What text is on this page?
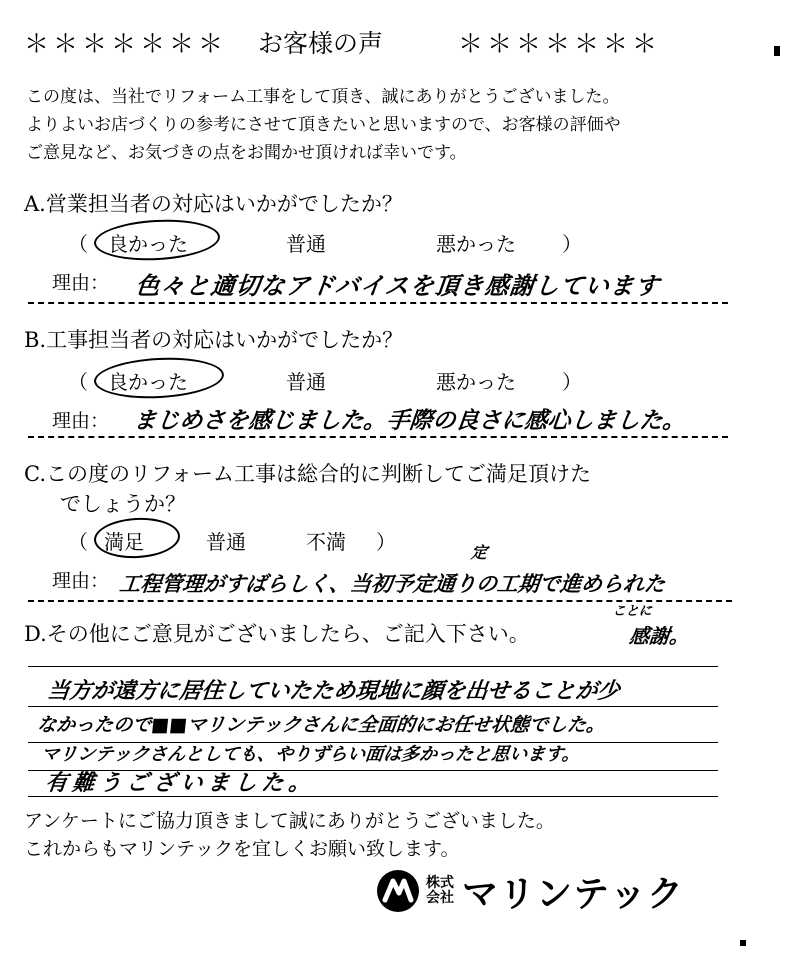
＊＊＊＊＊＊＊ お客様の声	＊＊＊＊＊＊＊
この度は、当社でリフォーム工事をして頂き、誠にありがとうございました。
よりよいお店づくりの参考にさせて頂きたいと思いますので、お客様の評価や
ご意見など、お気づきの点をお聞かせ頂ければ幸いです。
A.営業担当者の対応はいかがでしたか？
（ 良かった	普通	悪かった ）
理由： 色々と適切なアドバイスを頂き感謝しています
B.工事担当者の対応はいかがでしたか？
（ 良かった	普通	悪かった ）
理由： まじめさを感じました。手際の良さに感心しました。
C.この度のリフォーム工事は総合的に判断してご満足頂けた
でしょうか？
（ 満足	普通	不満 ）
理由： 工程管理がすばらしく、当初予定通りの工期で進められた
定
ことに
感謝。
D.その他にご意見がございましたら、ご記入下さい。
当方が遠方に居住していたため現地に顔を出せることが少
なかったので■■マリンテックさんに全面的にお任せ状態でした。
マリンテックさんとしても、やりずらい面は多かったと思います。
有難うございました。
アンケートにご協力頂きまして誠にありがとうございました。
これからもマリンテックを宜しくお願い致します。
株式
会社 マリンテック
